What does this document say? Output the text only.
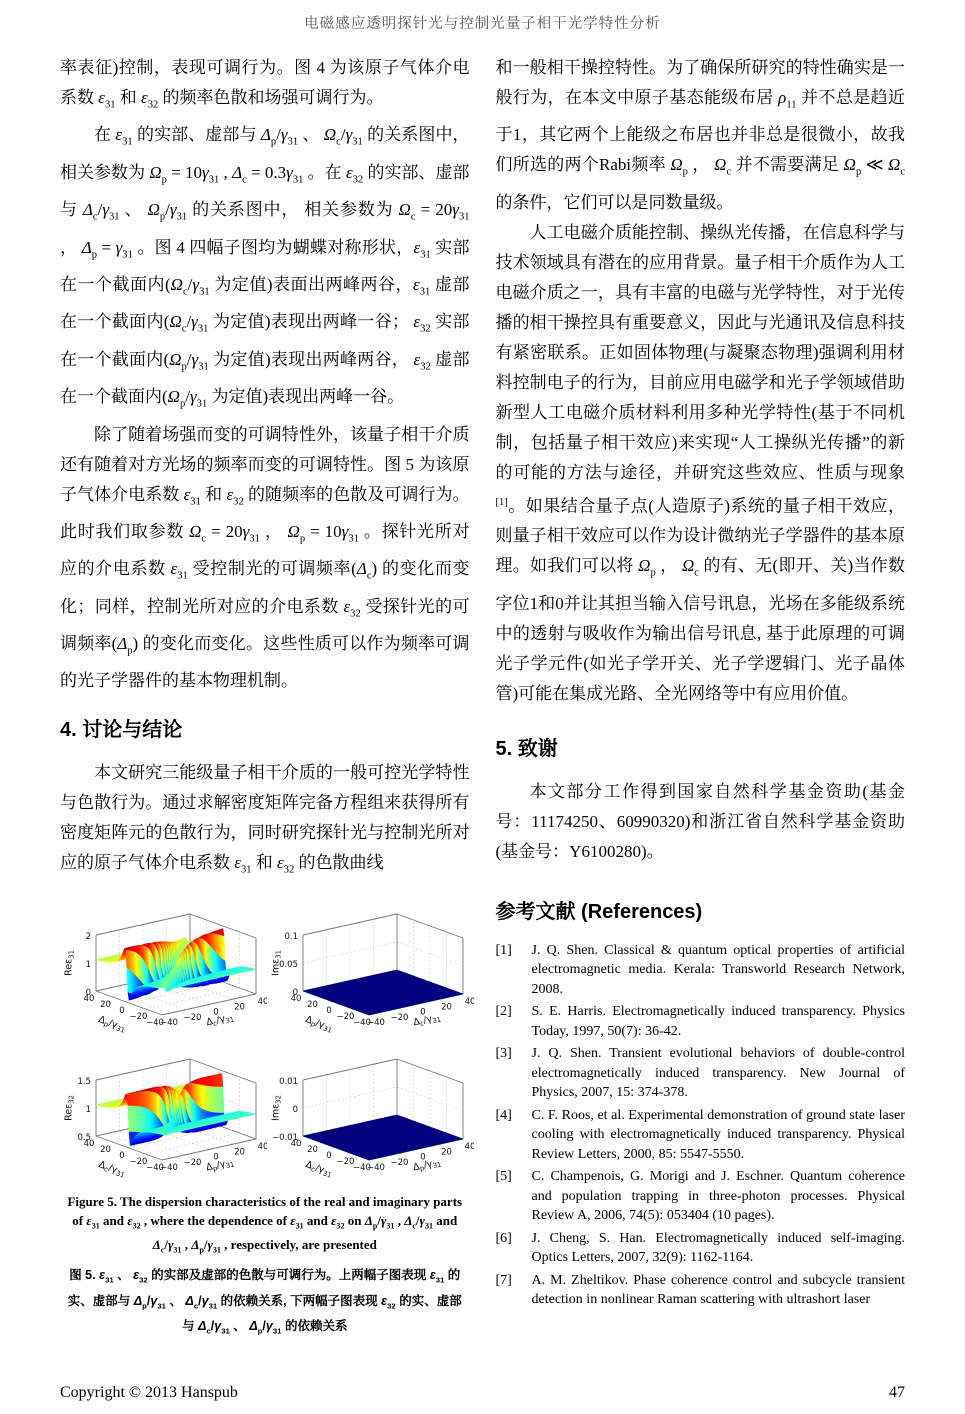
电磁感应透明探针光与控制光量子相干光学特性分析

率表征)控制，表现可调行为。图 4 为该原子气体介电系数 $\varepsilon_{31}$ 和 $\varepsilon_{32}$ 的频率色散和场强可调行为。

在 $\varepsilon_{31}$ 的实部、虚部与 $\Delta_p/\gamma_{31}$ 、 $\Omega_c/\gamma_{31}$ 的关系图中，相关参数为 $\Omega_p = 10\gamma_{31}$ , $\Delta_c = 0.3\gamma_{31}$ 。在 $\varepsilon_{32}$ 的实部、虚部与 $\Delta_c/\gamma_{31}$ 、 $\Omega_p/\gamma_{31}$ 的关系图中， 相关参数为 $\Omega_c = 20\gamma_{31}$ ， $\Delta_p = \gamma_{31}$ 。图 4 四幅子图均为蝴蝶对称形状，$\varepsilon_{31}$ 实部在一个截面内($\Omega_c/\gamma_{31}$ 为定值)表面出两峰两谷，$\varepsilon_{31}$ 虚部在一个截面内($\Omega_c/\gamma_{31}$ 为定值)表现出两峰一谷； $\varepsilon_{32}$ 实部在一个截面内($\Omega_p/\gamma_{31}$ 为定值)表现出两峰两谷， $\varepsilon_{32}$ 虚部在一个截面内($\Omega_p/\gamma_{31}$ 为定值)表现出两峰一谷。

除了随着场强而变的可调特性外，该量子相干介质还有随着对方光场的频率而变的可调特性。图 5 为该原子气体介电系数 $\varepsilon_{31}$ 和 $\varepsilon_{32}$ 的随频率的色散及可调行为。此时我们取参数 $\Omega_c = 20\gamma_{31}$ ， $\Omega_p = 10\gamma_{31}$ 。探针光所对应的介电系数 $\varepsilon_{31}$ 受控制光的可调频率$(\Delta_c)$ 的变化而变化；同样，控制光所对应的介电系数 $\varepsilon_{32}$ 受探针光的可调频率$(\Delta_p)$ 的变化而变化。这些性质可以作为频率可调的光子学器件的基本物理机制。

4. 讨论与结论

本文研究三能级量子相干介质的一般可控光学特性与色散行为。通过求解密度矩阵完备方程组来获得所有密度矩阵元的色散行为，同时研究探针光与控制光所对应的原子气体介电系数 $\varepsilon_{31}$ 和 $\varepsilon_{32}$ 的色散曲线

Figure 5. The dispersion characteristics of the real and imaginary parts of $\varepsilon_{31}$ and $\varepsilon_{32}$ , where the dependence of $\varepsilon_{31}$ and $\varepsilon_{32}$ on $\Delta_p/\gamma_{31}$ , $\Delta_c/\gamma_{31}$ and $\Delta_c/\gamma_{31}$ , $\Delta_p/\gamma_{31}$ , respectively, are presented
图 5. $\varepsilon_{31}$ 、 $\varepsilon_{32}$ 的实部及虚部的色散与可调行为。上两幅子图表现 $\varepsilon_{31}$ 的实、虚部与 $\Delta_p/\gamma_{31}$ 、 $\Delta_c/\gamma_{31}$ 的依赖关系, 下两幅子图表现 $\varepsilon_{32}$ 的实、虚部与 $\Delta_c/\gamma_{31}$ 、 $\Delta_p/\gamma_{31}$ 的依赖关系

和一般相干操控特性。为了确保所研究的特性确实是一般行为，在本文中原子基态能级布居 $\rho_{11}$ 并不总是趋近于1，其它两个上能级之布居也并非总是很微小，故我们所选的两个Rabi频率 $\Omega_p$ ， $\Omega_c$ 并不需要满足 $\Omega_p$ ≪ $\Omega_c$ 的条件，它们可以是同数量级。

人工电磁介质能控制、操纵光传播，在信息科学与技术领域具有潜在的应用背景。量子相干介质作为人工电磁介质之一，具有丰富的电磁与光学特性，对于光传播的相干操控具有重要意义，因此与光通讯及信息科技有紧密联系。正如固体物理(与凝聚态物理)强调利用材料控制电子的行为，目前应用电磁学和光子学领域借助新型人工电磁介质材料利用多种光学特性(基于不同机制，包括量子相干效应)来实现“人工操纵光传播”的新的可能的方法与途径，并研究这些效应、性质与现象[1]。如果结合量子点(人造原子)系统的量子相干效应，则量子相干效应可以作为设计微纳光子学器件的基本原理。如我们可以将 $\Omega_p$ ， $\Omega_c$ 的有、无(即开、关)当作数字位1和0并让其担当输入信号讯息，光场在多能级系统中的透射与吸收作为输出信号讯息, 基于此原理的可调光子学元件(如光子学开关、光子学逻辑门、光子晶体管)可能在集成光路、全光网络等中有应用价值。

5. 致谢

本文部分工作得到国家自然科学基金资助(基金号：11174250、60990320)和浙江省自然科学基金资助(基金号：Y6100280)。

参考文献 (References)
[1]	J. Q. Shen. Classical & quantum optical properties of artificial electromagnetic media. Kerala: Transworld Research Network, 2008.
[2]	S. E. Harris. Electromagnetically induced transparency. Physics Today, 1997, 50(7): 36-42.
[3]	J. Q. Shen. Transient evolutional behaviors of double-control electromagnetically induced transparency. New Journal of Physics, 2007, 15: 374-378.
[4]	C. F. Roos, et al. Experimental demonstration of ground state laser cooling with electromagnetically induced transparency. Physical Review Letters, 2000, 85: 5547-5550.
[5]	C. Champenois, G. Morigi and J. Eschner. Quantum coherence and population trapping in three-photon processes. Physical Review A, 2006, 74(5): 053404 (10 pages).
[6]	J. Cheng, S. Han. Electromagnetically induced self-imaging. Optics Letters, 2007, 32(9): 1162-1164.
[7]	A. M. Zheltikov. Phase coherence control and subcycle transient detection in nonlinear Raman scattering with ultrashort laser
Copyright © 2013 Hanspub	47
